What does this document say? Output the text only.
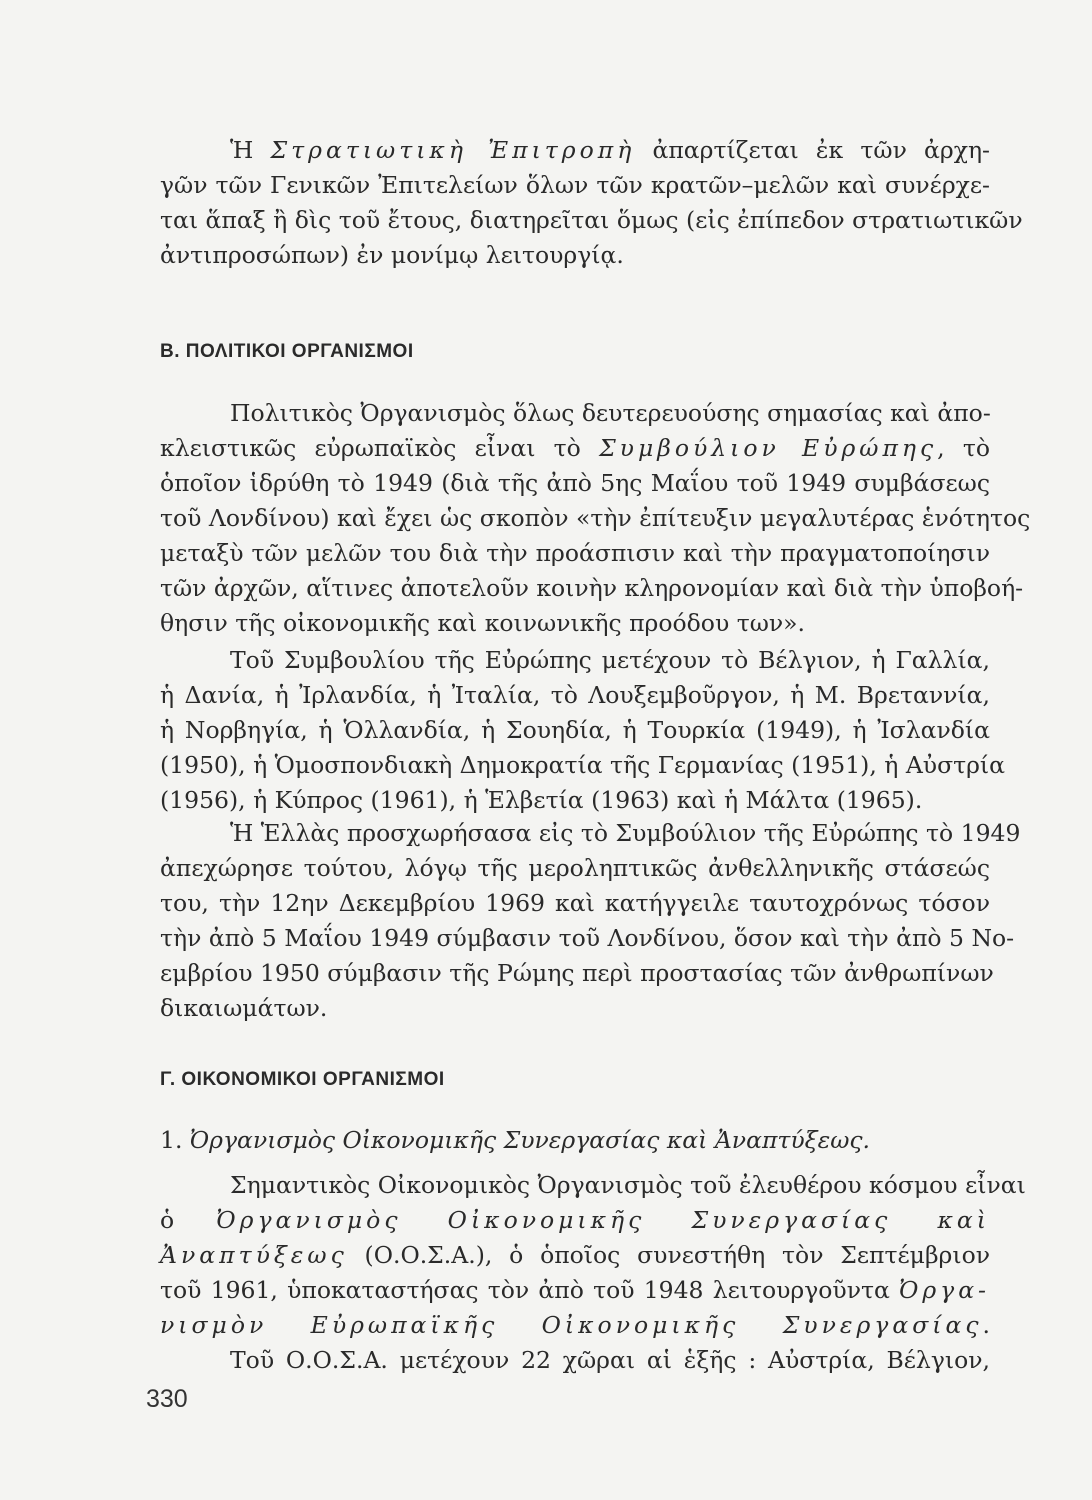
Ἡ Στρατιωτικὴ Ἐπιτροπὴ ἀπαρτίζεται ἐκ τῶν ἀρχη-
γῶν τῶν Γενικῶν Ἐπιτελείων ὅλων τῶν κρατῶν–μελῶν καὶ συνέρχε-
ται ἅπαξ ἢ δὶς τοῦ ἔτους, διατηρεῖται ὅμως (εἰς ἐπίπεδον στρατιωτικῶν
ἀντιπροσώπων) ἐν μονίμῳ λειτουργίᾳ.
Β. ΠΟΛΙΤΙΚΟΙ ΟΡΓΑΝΙΣΜΟΙ
Πολιτικὸς Ὀργανισμὸς ὅλως δευτερευούσης σημασίας καὶ ἀπο-
κλειστικῶς εὐρωπαϊκὸς εἶναι τὸ Συμβούλιον Εὐρώπης, τὸ
ὁποῖον ἱδρύθη τὸ 1949 (διὰ τῆς ἀπὸ 5ης Μαΐου τοῦ 1949 συμβάσεως
τοῦ Λονδίνου) καὶ ἔχει ὡς σκοπὸν «τὴν ἐπίτευξιν μεγαλυτέρας ἑνότητος
μεταξὺ τῶν μελῶν του διὰ τὴν προάσπισιν καὶ τὴν πραγματοποίησιν
τῶν ἀρχῶν, αἵτινες ἀποτελοῦν κοινὴν κληρονομίαν καὶ διὰ τὴν ὑποβοή-
θησιν τῆς οἰκονομικῆς καὶ κοινωνικῆς προόδου των».
Τοῦ Συμβουλίου τῆς Εὐρώπης μετέχουν τὸ Βέλγιον, ἡ Γαλλία,
ἡ Δανία, ἡ Ἰρλανδία, ἡ Ἰταλία, τὸ Λουξεμβοῦργον, ἡ Μ. Βρεταννία,
ἡ Νορβηγία, ἡ Ὁλλανδία, ἡ Σουηδία, ἡ Τουρκία (1949), ἡ Ἰσλανδία
(1950), ἡ Ὁμοσπονδιακὴ Δημοκρατία τῆς Γερμανίας (1951), ἡ Αὐστρία
(1956), ἡ Κύπρος (1961), ἡ Ἑλβετία (1963) καὶ ἡ Μάλτα (1965).
Ἡ Ἑλλὰς προσχωρήσασα εἰς τὸ Συμβούλιον τῆς Εὐρώπης τὸ 1949
ἀπεχώρησε τούτου, λόγῳ τῆς μεροληπτικῶς ἀνθελληνικῆς στάσεώς
του, τὴν 12ην Δεκεμβρίου 1969 καὶ κατήγγειλε ταυτοχρόνως τόσον
τὴν ἀπὸ 5 Μαΐου 1949 σύμβασιν τοῦ Λονδίνου, ὅσον καὶ τὴν ἀπὸ 5 Νο-
εμβρίου 1950 σύμβασιν τῆς Ρώμης περὶ προστασίας τῶν ἀνθρωπίνων
δικαιωμάτων.
Γ. ΟΙΚΟΝΟΜΙΚΟΙ ΟΡΓΑΝΙΣΜΟΙ
1. Ὀργανισμὸς Οἰκονομικῆς Συνεργασίας καὶ Ἀναπτύξεως.
Σημαντικὸς Οἰκονομικὸς Ὀργανισμὸς τοῦ ἐλευθέρου κόσμου εἶναι
ὁ Ὀργανισμὸς Οἰκονομικῆς Συνεργασίας καὶ
Ἀναπτύξεως (Ο.Ο.Σ.Α.), ὁ ὁποῖος συνεστήθη τὸν Σεπτέμβριον
τοῦ 1961, ὑποκαταστήσας τὸν ἀπὸ τοῦ 1948 λειτουργοῦντα Ὀργα-
νισμὸν Εὐρωπαϊκῆς Οἰκονομικῆς Συνεργασίας.
Τοῦ Ο.Ο.Σ.Α. μετέχουν 22 χῶραι αἱ ἑξῆς : Αὐστρία, Βέλγιον,
330
